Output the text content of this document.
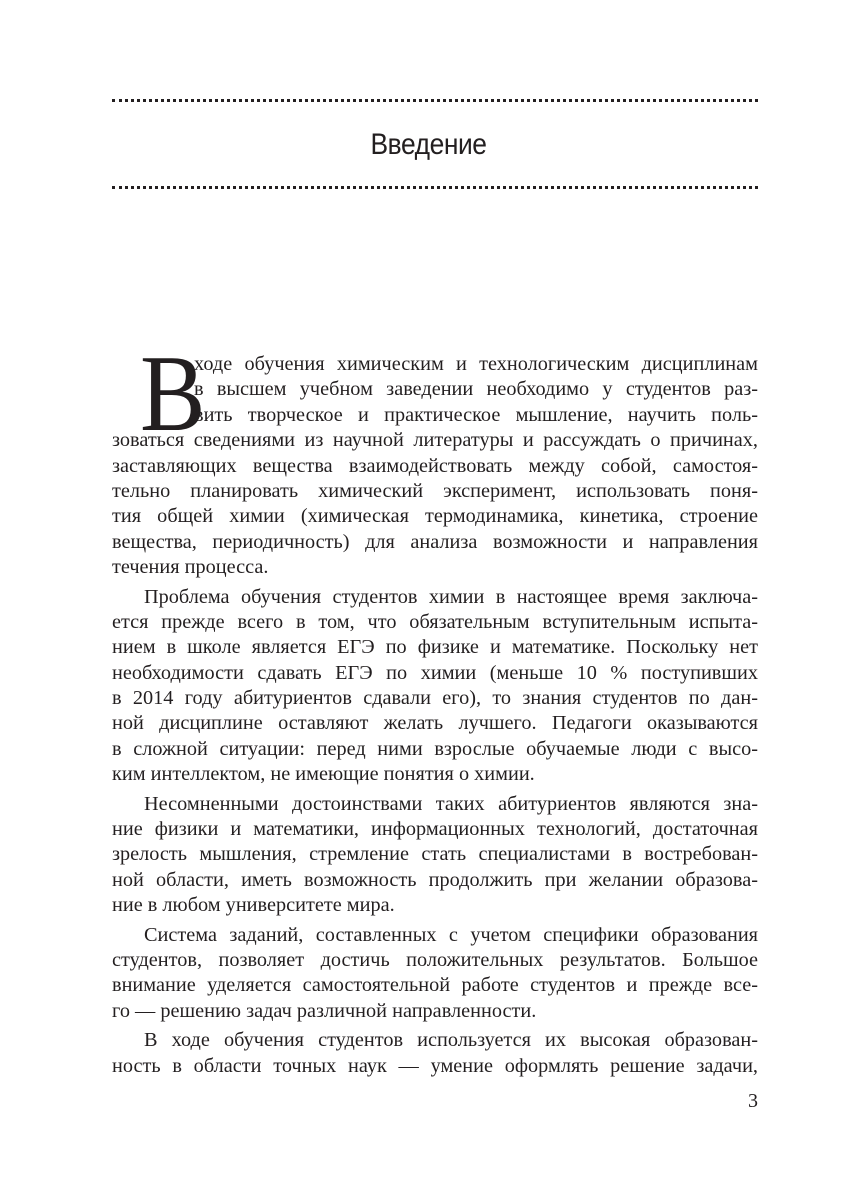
Введение
В
ходе обучения химическим и технологическим дисциплинам
в высшем учебном заведении необходимо у студентов раз-
вить творческое и практическое мышление, научить поль-
зоваться сведениями из научной литературы и рассуждать о причинах,
заставляющих вещества взаимодействовать между собой, самостоя-
тельно планировать химический эксперимент, использовать поня-
тия общей химии (химическая термодинамика, кинетика, строение
вещества, периодичность) для анализа возможности и направления
течения процесса.
Проблема обучения студентов химии в настоящее время заключа-
ется прежде всего в том, что обязательным вступительным испыта-
нием в школе является ЕГЭ по физике и математике. Поскольку нет
необходимости сдавать ЕГЭ по химии (меньше 10 % поступивших
в 2014 году абитуриентов сдавали его), то знания студентов по дан-
ной дисциплине оставляют желать лучшего. Педагоги оказываются
в сложной ситуации: перед ними взрослые обучаемые люди с высо-
ким интеллектом, не имеющие понятия о химии.
Несомненными достоинствами таких абитуриентов являются зна-
ние физики и математики, информационных технологий, достаточная
зрелость мышления, стремление стать специалистами в востребован-
ной области, иметь возможность продолжить при желании образова-
ние в любом университете мира.
Система заданий, составленных с учетом специфики образования
студентов, позволяет достичь положительных результатов. Большое
внимание уделяется самостоятельной работе студентов и прежде все-
го — решению задач различной направленности.
В ходе обучения студентов используется их высокая образован-
ность в области точных наук — умение оформлять решение задачи,
3
